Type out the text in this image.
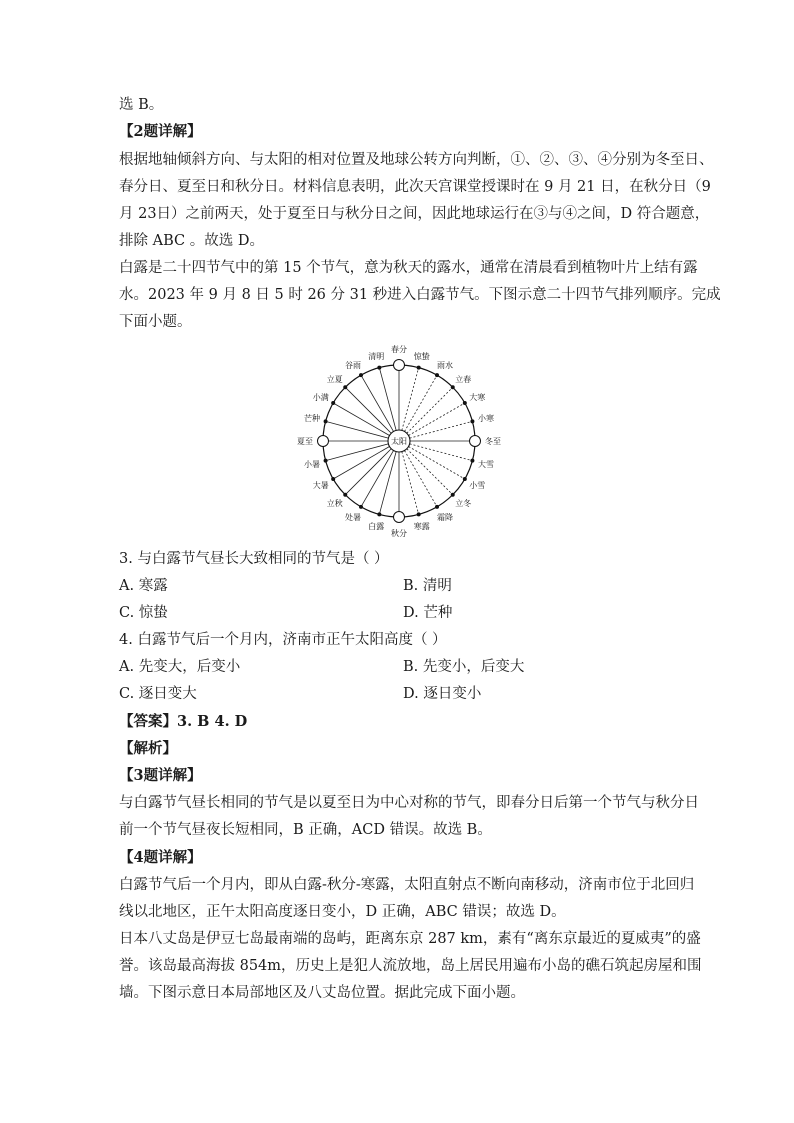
选 B。
【2题详解】
根据地轴倾斜方向、与太阳的相对位置及地球公转方向判断，①、②、③、④分别为冬至日、
春分日、夏至日和秋分日。材料信息表明，此次天宫课堂授课时在 9 月 21 日，在秋分日（9
月 23日）之前两天，处于夏至日与秋分日之间，因此地球运行在③与④之间，D 符合题意，
排除 ABC 。故选 D。
白露是二十四节气中的第 15 个节气，意为秋天的露水，通常在清晨看到植物叶片上结有露
水。2023 年 9 月 8 日 5 时 26 分 31 秒进入白露节气。下图示意二十四节气排列顺序。完成
下面小题。
冬至
小寒
大寒
立春
雨水
惊蛰
春分
清明
谷雨
立夏
小满
芒种
夏至
小暑
大暑
立秋
处暑
白露
秋分
寒露
霜降
立冬
小雪
大雪
太阳
3. 与白露节气昼长大致相同的节气是（ ）
A. 寒露	B. 清明
C. 惊蛰	D. 芒种
4. 白露节气后一个月内，济南市正午太阳高度（ ）
A. 先变大，后变小	B. 先变小，后变大
C. 逐日变大	D. 逐日变小
【答案】3. B 4. D
【解析】
【3题详解】
与白露节气昼长相同的节气是以夏至日为中心对称的节气，即春分日后第一个节气与秋分日
前一个节气昼夜长短相同，B 正确，ACD 错误。故选 B。
【4题详解】
白露节气后一个月内，即从白露-秋分-寒露，太阳直射点不断向南移动，济南市位于北回归
线以北地区，正午太阳高度逐日变小，D 正确，ABC 错误；故选 D。
日本八丈岛是伊豆七岛最南端的岛屿，距离东京 287 km，素有“离东京最近的夏威夷”的盛
誉。该岛最高海拔 854m，历史上是犯人流放地，岛上居民用遍布小岛的礁石筑起房屋和围
墙。下图示意日本局部地区及八丈岛位置。据此完成下面小题。
